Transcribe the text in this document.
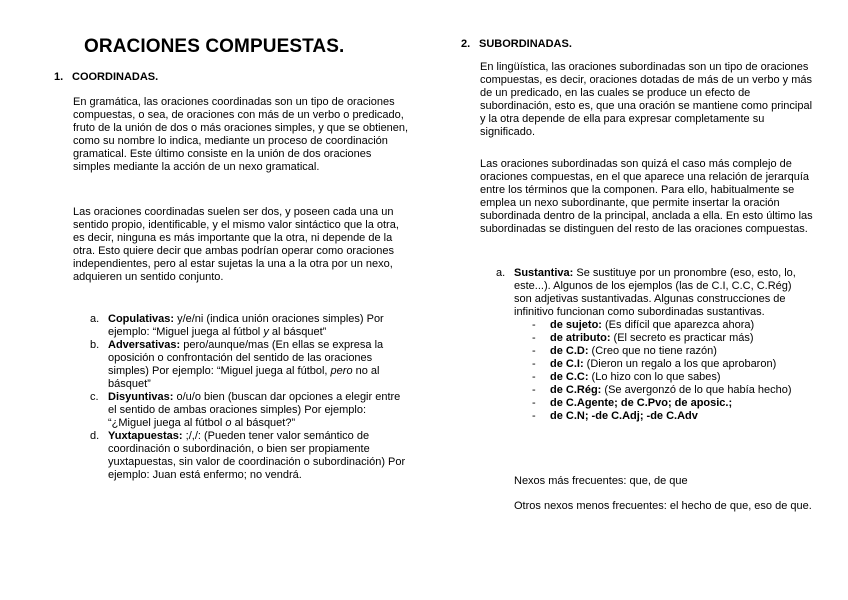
ORACIONES COMPUESTAS.
1. COORDINADAS.

En gramática, las oraciones coordinadas son un tipo de oraciones compuestas, o sea, de oraciones con más de un verbo o predicado, fruto de la unión de dos o más oraciones simples, y que se obtienen, como su nombre lo indica, mediante un proceso de coordinación gramatical. Este último consiste en la unión de dos oraciones simples mediante la acción de un nexo gramatical.

Las oraciones coordinadas suelen ser dos, y poseen cada una un sentido propio, identificable, y el mismo valor sintáctico que la otra, es decir, ninguna es más importante que la otra, ni depende de la otra. Esto quiere decir que ambas podrían operar como oraciones independientes, pero al estar sujetas la una a la otra por un nexo, adquieren un sentido conjunto.

a. Copulativas: y/e/ni (indica unión oraciones simples) Por ejemplo: “Miguel juega al fútbol y al básquet”
b. Adversativas: pero/aunque/mas (En ellas se expresa la oposición o confrontación del sentido de las oraciones simples) Por ejemplo: “Miguel juega al fútbol, pero no al básquet”
c. Disyuntivas: o/u/o bien (buscan dar opciones a elegir entre el sentido de ambas oraciones simples) Por ejemplo: “¿Miguel juega al fútbol o al básquet?”
d. Yuxtapuestas: ;/,/: (Pueden tener valor semántico de coordinación o subordinación, o bien ser propiamente yuxtapuestas, sin valor de coordinación o subordinación) Por ejemplo: Juan está enfermo; no vendrá.
2. SUBORDINADAS.

En lingüística, las oraciones subordinadas son un tipo de oraciones compuestas, es decir, oraciones dotadas de más de un verbo y más de un predicado, en las cuales se produce un efecto de subordinación, esto es, que una oración se mantiene como principal y la otra depende de ella para expresar completamente su significado.

Las oraciones subordinadas son quizá el caso más complejo de oraciones compuestas, en el que aparece una relación de jerarquía entre los términos que la componen. Para ello, habitualmente se emplea un nexo subordinante, que permite insertar la oración subordinada dentro de la principal, anclada a ella. En esto último las subordinadas se distinguen del resto de las oraciones compuestas.

a. Sustantiva: Se sustituye por un pronombre (eso, esto, lo, este...). Algunos de los ejemplos (las de C.I, C.C, C.Rég) son adjetivas sustantivadas. Algunas construcciones de infinitivo funcionan como subordinadas sustantivas.
- de sujeto: (Es difícil que aparezca ahora)
- de atributo: (El secreto es practicar más)
- de C.D: (Creo que no tiene razón)
- de C.I: (Dieron un regalo a los que aprobaron)
- de C.C: (Lo hizo con lo que sabes)
- de C.Rég: (Se avergonzó de lo que había hecho)
- de C.Agente; de C.Pvo; de aposic.;
- de C.N; -de C.Adj; -de C.Adv

Nexos más frecuentes: que, de que

Otros nexos menos frecuentes: el hecho de que, eso de que.
